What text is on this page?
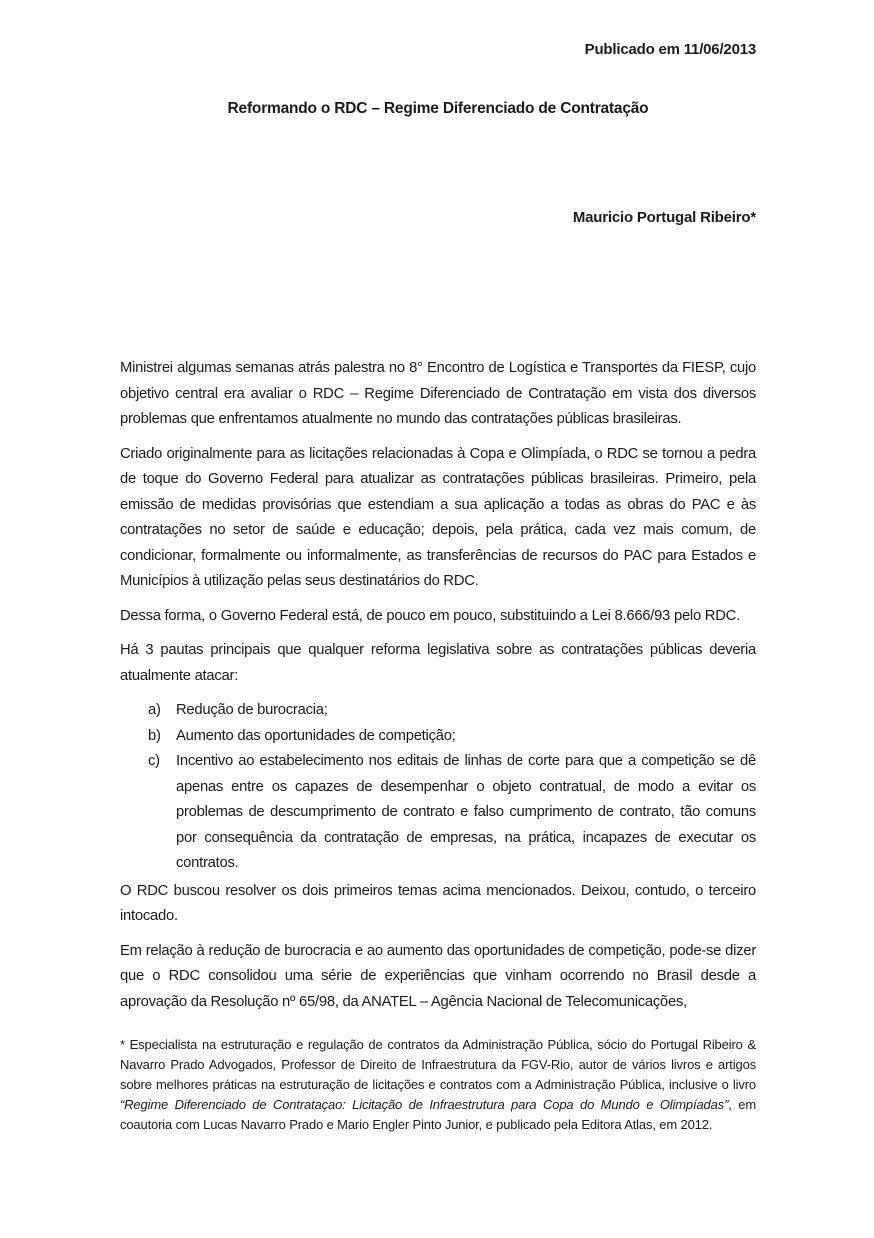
Publicado em 11/06/2013
Reformando o RDC – Regime Diferenciado de Contratação
Mauricio Portugal Ribeiro*

Ministrei algumas semanas atrás palestra no 8° Encontro de Logística e Transportes da FIESP, cujo objetivo central era avaliar o RDC – Regime Diferenciado de Contratação em vista dos diversos problemas que enfrentamos atualmente no mundo das contratações públicas brasileiras.

Criado originalmente para as licitações relacionadas à Copa e Olimpíada, o RDC se tornou a pedra de toque do Governo Federal para atualizar as contratações públicas brasileiras. Primeiro, pela emissão de medidas provisórias que estendiam a sua aplicação a todas as obras do PAC e às contratações no setor de saúde e educação; depois, pela prática, cada vez mais comum, de condicionar, formalmente ou informalmente, as transferências de recursos do PAC para Estados e Municípios à utilização pelas seus destinatários do RDC.

Dessa forma, o Governo Federal está, de pouco em pouco, substituindo a Lei 8.666/93 pelo RDC.

Há 3 pautas principais que qualquer reforma legislativa sobre as contratações públicas deveria atualmente atacar:

a)	Redução de burocracia;
b)	Aumento das oportunidades de competição;
c)	Incentivo ao estabelecimento nos editais de linhas de corte para que a competição se dê apenas entre os capazes de desempenhar o objeto contratual, de modo a evitar os problemas de descumprimento de contrato e falso cumprimento de contrato, tão comuns por consequência da contratação de empresas, na prática, incapazes de executar os contratos.

O RDC buscou resolver os dois primeiros temas acima mencionados. Deixou, contudo, o terceiro intocado.

Em relação à redução de burocracia e ao aumento das oportunidades de competição, pode-se dizer que o RDC consolidou uma série de experiências que vinham ocorrendo no Brasil desde a aprovação da Resolução nº 65/98, da ANATEL – Agência Nacional de Telecomunicações,

* Especialista na estruturação e regulação de contratos da Administração Pública, sócio do Portugal Ribeiro & Navarro Prado Advogados, Professor de Direito de Infraestrutura da FGV-Rio, autor de vários livros e artigos sobre melhores práticas na estruturação de licitações e contratos com a Administração Pública, inclusive o livro “Regime Diferenciado de Contrataçao: Licitação de Infraestrutura para Copa do Mundo e Olimpíadas”, em coautoria com Lucas Navarro Prado e Mario Engler Pinto Junior, e publicado pela Editora Atlas, em 2012.
